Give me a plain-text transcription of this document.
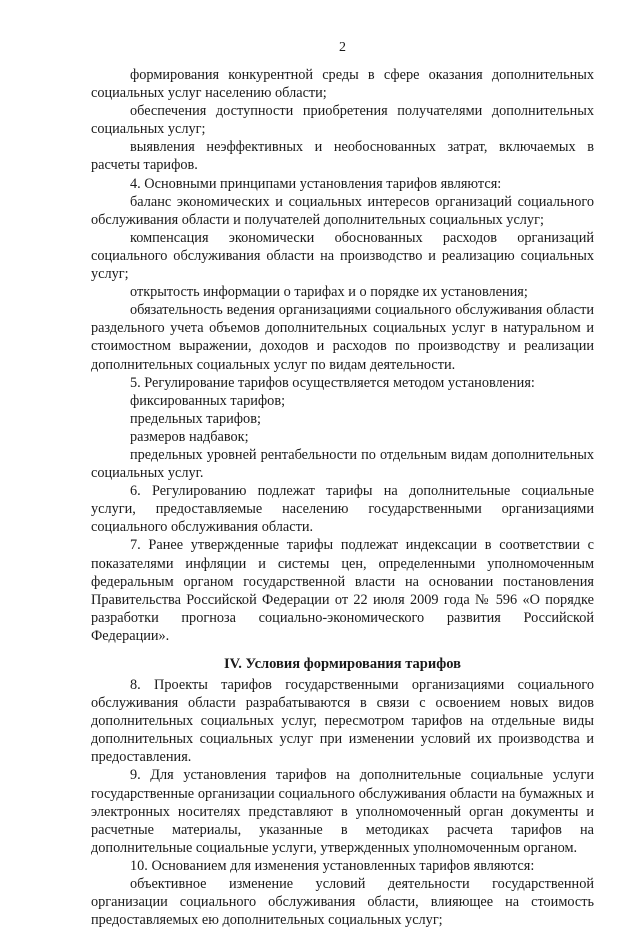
2

формирования конкурентной среды в сфере оказания дополнительных социальных услуг населению области;

обеспечения доступности приобретения получателями дополнительных социальных услуг;

выявления неэффективных и необоснованных затрат, включаемых в расчеты тарифов.

4. Основными принципами установления тарифов являются:

баланс экономических и социальных интересов организаций социального обслуживания области и получателей дополнительных социальных услуг;

компенсация экономически обоснованных расходов организаций социального обслуживания области на производство и реализацию социальных услуг;

открытость информации о тарифах и о порядке их установления;

обязательность ведения организациями социального обслуживания области раздельного учета объемов дополнительных социальных услуг в натуральном и стоимостном выражении, доходов и расходов по производству и реализации дополнительных социальных услуг по видам деятельности.

5. Регулирование тарифов осуществляется методом установления:

фиксированных тарифов;

предельных тарифов;

размеров надбавок;

предельных уровней рентабельности по отдельным видам дополнительных социальных услуг.

6. Регулированию подлежат тарифы на дополнительные социальные услуги, предоставляемые населению государственными организациями социального обслуживания области.

7. Ранее утвержденные тарифы подлежат индексации в соответствии с показателями инфляции и системы цен, определенными уполномоченным федеральным органом государственной власти на основании постановления Правительства Российской Федерации от 22 июля 2009 года № 596 «О порядке разработки прогноза социально-экономического развития Российской Федерации».

IV. Условия формирования тарифов

8. Проекты тарифов государственными организациями социального обслуживания области разрабатываются в связи с освоением новых видов дополнительных социальных услуг, пересмотром тарифов на отдельные виды дополнительных социальных услуг при изменении условий их производства и предоставления.

9. Для установления тарифов на дополнительные социальные услуги государственные организации социального обслуживания области на бумажных и электронных носителях представляют в уполномоченный орган документы и расчетные материалы, указанные в методиках расчета тарифов на дополнительные социальные услуги, утвержденных уполномоченным органом.

10. Основанием для изменения установленных тарифов являются:

объективное изменение условий деятельности государственной организации социального обслуживания области, влияющее на стоимость предоставляемых ею дополнительных социальных услуг;
